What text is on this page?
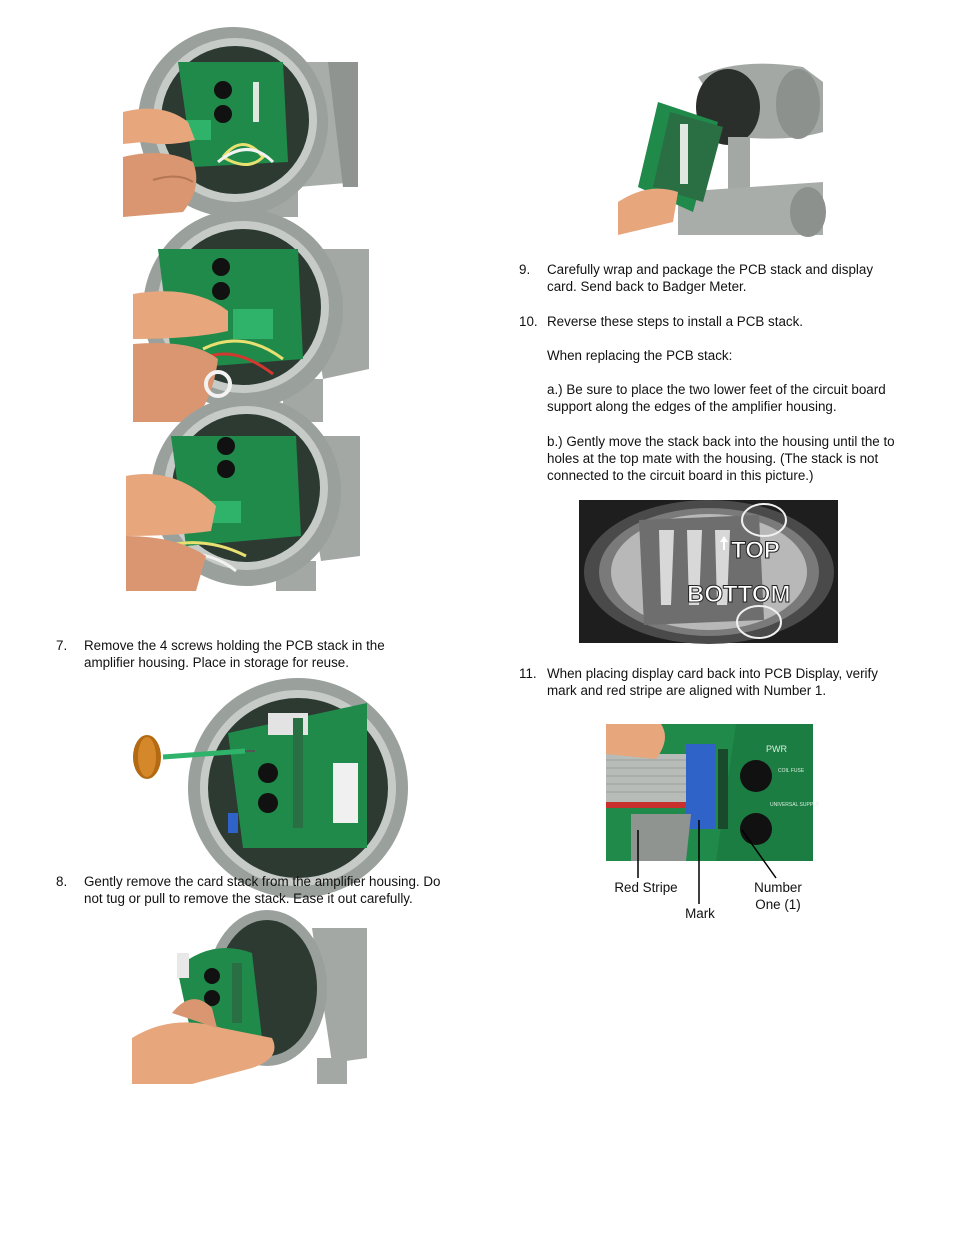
7. Remove the 4 screws holding the PCB stack in the amplifier housing. Place in storage for reuse.
8. Gently remove the card stack from the amplifier housing. Do not tug or pull to remove the stack. Ease it out carefully.
9. Carefully wrap and package the PCB stack and display card. Send back to Badger Meter.
10. Reverse these steps to install a PCB stack.
When replacing the PCB stack:
a.) Be sure to place the two lower feet of the circuit board support along the edges of the amplifier housing.
b.) Gently move the stack back into the housing until the to holes at the top mate with the housing. (The stack is not connected to the circuit board in this picture.)
TOP
BOTTOM
11. When placing display card back into PCB Display, verify mark and red stripe are aligned with Number 1.
PWR
COIL FUSE
UNIVERSAL SUPPLY
Red Stripe
Mark
Number
One (1)
